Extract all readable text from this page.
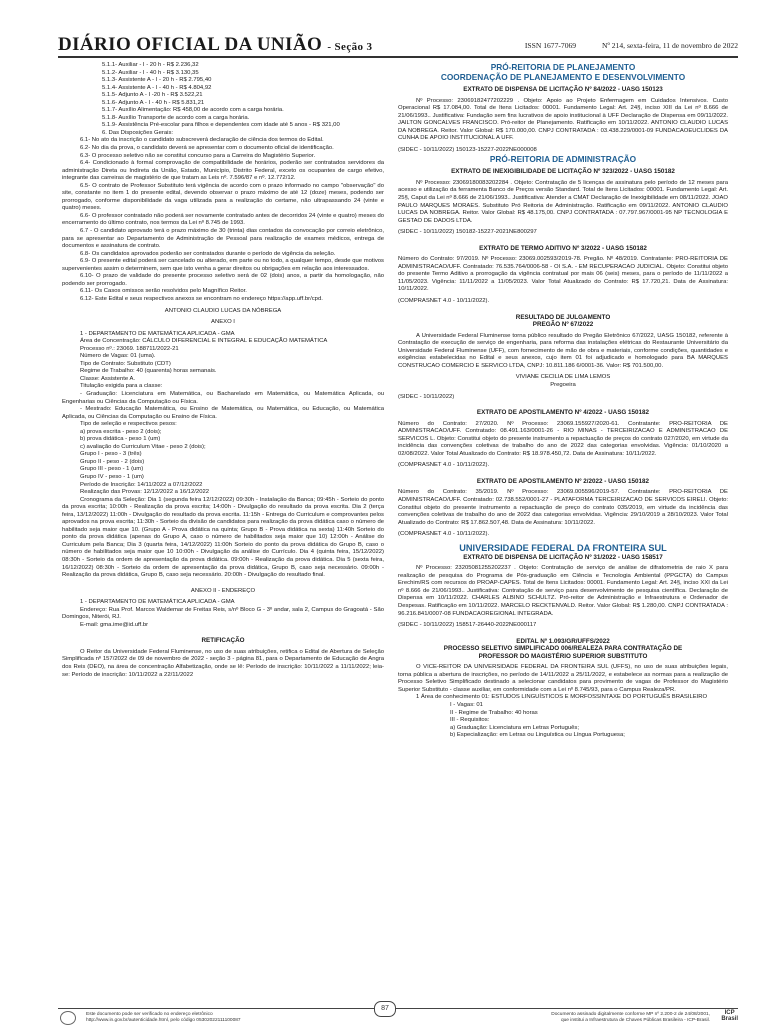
DIÁRIO OFICIAL DA UNIÃO - Seção 3	ISSN 1677-7069	Nº 214, sexta-feira, 11 de novembro de 2022

5.1.1- Auxiliar - I - 20 h - R$ 2.236,32

5.1.2- Auxiliar - I - 40 h - R$ 3.130,35

5.1.3- Assistente A - I - 20 h - R$ 2.795,40

5.1.4- Assistente A - I - 40 h - R$ 4.804,92

5.1.5- Adjunto A - I -20 h - R$ 3.522,21

5.1.6- Adjunto A - I - 40 h - R$ 5.831,21

5.1.7- Auxílio Alimentação: R$ 458,00 de acordo com a carga horária.

5.1.8- Auxílio Transporte de acordo com a carga horária.

5.1.9- Assistência Pré-escolar para filhos e dependentes com idade até 5 anos - R$ 321,00

6. Das Disposições Gerais:

6.1- No ato da inscrição o candidato subscreverá declaração de ciência dos termos do Edital.

6.2- No dia da prova, o candidato deverá se apresentar com o documento oficial de identificação.

6.3- O processo seletivo não se constitui concurso para a Carreira do Magistério Superior.

6.4- Condicionado à formal comprovação de compatibilidade de horários, poderão ser contratados servidores da administração Direta ou Indireta da União, Estado, Município, Distrito Federal, exceto os ocupantes de cargo efetivo, integrante das carreiras de magistério de que tratam as Leis nº. 7.596/87 e nº. 12.772/12.

6.5- O contrato de Professor Substituto terá vigência de acordo com o prazo informado no campo "observação" do site, constante no item 1 do presente edital, devendo observar o prazo máximo de até 12 (doze) meses, podendo ser prorrogado, conforme disponibilidade da vaga utilizada para a realização do certame, não ultrapassando 24 (vinte e quatro) meses.

6.6- O professor contratado não poderá ser novamente contratado antes de decorridos 24 (vinte e quatro) meses do encerramento do último contrato, nos termos da Lei nº 8.745 de 1993.

6.7 - O candidato aprovado terá o prazo máximo de 30 (trinta) dias contados da convocação por correio eletrônico, para se apresentar ao Departamento de Administração de Pessoal para realização de exames médicos, entrega de documentos e assinatura de contrato.

6.8- Os candidatos aprovados poderão ser contratados durante o período de vigência da seleção.

6.9- O presente edital poderá ser cancelado ou alterado, em parte ou no todo, a qualquer tempo, desde que motivos supervenientes assim o determinem, sem que isto venha a gerar direitos ou obrigações em relação aos interessados.

6.10- O prazo de validade do presente processo seletivo será de 02 (dois) anos, a partir da homologação, não podendo ser prorrogado.

6.11- Os Casos omissos serão resolvidos pelo Magnífico Reitor.

6.12- Este Edital e seus respectivos anexos se encontram no endereço https://app.uff.br/cpd.

ANTONIO CLAUDIO LUCAS DA NÓBREGA

ANEXO I

1 - DEPARTAMENTO DE MATEMÁTICA APLICADA - GMA

Área de Concentração: CÁLCULO DIFERENCIAL E INTEGRAL E EDUCAÇÃO MATEMÁTICA

Processo nº.: 23069. 188711/2022-21

Número de Vagas: 01 (uma).

Tipo de Contrato: Substituto (CDT)

Regime de Trabalho: 40 (quarenta) horas semanais.

Classe: Assistente A.

Titulação exigida para a classe:

- Graduação: Licenciatura em Matemática, ou Bacharelado em Matemática, ou Matemática Aplicada, ou Engenharias ou Ciências da Computação ou Física.

- Mestrado: Educação Matemática, ou Ensino de Matemática, ou Matemática, ou Educação, ou Matemática Aplicada, ou Ciências da Computação ou Ensino de Física.

Tipo de seleção e respectivos pesos:

a) prova escrita - peso 2 (dois);

b) prova didática - peso 1 (um)

c) avaliação do Curriculum Vitae - peso 2 (dois);

Grupo I - peso - 3 (três)

Grupo II - peso - 2 (dois)

Grupo III - peso - 1 (um)

Grupo IV - peso - 1 (um)

Período de Inscrição: 14/11/2022 a 07/12/2022

Realização das Provas: 12/12/2022 a 16/12/2022

Cronograma da Seleção: Dia 1 (segunda feira 12/12/2022) 09:30h - Instalação da Banca; 09:45h - Sorteio do ponto da prova escrita; 10:00h - Realização da prova escrita; 14:00h - Divulgação do resultado da prova escrita. Dia 2 (terça feira, 13/12/2022) 11:00h - Divulgação do resultado da prova escrita. 11:15h - Entrega do Curriculum e comprovantes pelos aprovados na prova escrita; 11:30h - Sorteio da divisão de candidatos para realização da prova didática caso o número de habilitado seja maior que 10. (Grupo A - Prova didática na quinta; Grupo B - Prova didática na sexta) 11:40h Sorteio do ponto da prova didática (apenas do Grupo A, caso o número de habilitados seja maior que 10) 12:00h - Análise do Curriculum pela Banca; Dia 3 (quarta feira, 14/12/2022) 11:00h Sorteio do ponto da prova didática do Grupo B, caso o número de habilitados seja maior que 10 10:00h - Divulgação da análise do Currículo. Dia 4 (quinta feira, 15/12/2022) 08:30h - Sorteio da ordem de apresentação da prova didática. 09:00h - Realização da prova didática. Dia 5 (sexta feira, 16/12/2022) 08:30h - Sorteio da ordem de apresentação da prova didática, Grupo B, caso seja necessário. 09:00h - Realização da prova didática, Grupo B, caso seja necessário. 20:00h - Divulgação do resultado final.

ANEXO II - ENDEREÇO

1 - DEPARTAMENTO DE MATEMÁTICA APLICADA - GMA

Endereço: Rua Prof. Marcos Waldemar de Freitas Reis, s/nº Bloco G - 3º andar, sala 2, Campus do Gragoatá - São Domingos, Niterói, RJ.

E-mail: gma.ime@id.uff.br

RETIFICAÇÃO

O Reitor da Universidade Federal Fluminense, no uso de suas atribuições, retifica o Edital de Abertura de Seleção Simplificada nº 157/2022 de 09 de novembro de 2022 - seção 3 - página 81, para o Departamento de Educação de Angra dos Reis (DEO), na área de concentração Alfabetização, onde se lê: Período de inscrição: 10/11/2022 a 11/11/2022; leia-se: Período de inscrição: 10/11/2022 a 22/11/2022

PRÓ-REITORIA DE PLANEJAMENTO

COORDENAÇÃO DE PLANEJAMENTO E DESENVOLVIMENTO

EXTRATO DE DISPENSA DE LICITAÇÃO Nº 84/2022 - UASG 150123

Nº Processo: 23069182477202229 . Objeto: Apoio ao Projeto Enfermagem em Cuidados Intensivos. Custo Operacional R$ 17.084,00. Total de Itens Licitados: 00001. Fundamento Legal: Art. 24§, inciso XIII da Lei nº 8.666 de 21/06/1993.. Justificativa: Fundação sem fins lucrativos de apoio institucional à UFF Declaração de Dispensa em 09/11/2022. JAILTON GONCALVES FRANCISCO. Pró-reitor de Planejamento. Ratificação em 10/11/2022. ANTONIO CLAUDIO LUCAS DA NOBREGA. Reitor. Valor Global: R$ 170.000,00. CNPJ CONTRATADA : 03.438.229/0001-09 FUNDACAOEUCLIDES DA CUNHA DE APOIO INSTITUCIONAL A UFF.

(SIDEC - 10/11/2022) 150123-15227-2022NE000008

PRÓ-REITORIA DE ADMINISTRAÇÃO

EXTRATO DE INEXIGIBILIDADE DE LICITAÇÃO Nº 323/2022 - UASG 150182

Nº Processo: 23069180083202284 . Objeto: Contratação de 5 licenças de assinatura pelo período de 12 meses para acesso e utilização da ferramenta Banco de Preços versão Standard. Total de Itens Licitados: 00001. Fundamento Legal: Art. 25§, Caput da Lei nº 8.666 de 21/06/1993.. Justificativa: Atender a CMAT Declaração de Inexigibilidade em 08/11/2022. JOAO PAULO MARQUES MORAES. Substituto Pró Reitoria de Administração. Ratificação em 09/11/2022. ANTONIO CLAUDIO LUCAS DA NOBREGA. Reitor. Valor Global: R$ 48.175,00. CNPJ CONTRATADA : 07.797.967/0001-95 NP TECNOLOGIA E GESTAO DE DADOS LTDA.

(SIDEC - 10/11/2022) 150182-15227-2021NE800297

EXTRATO DE TERMO ADITIVO Nº 3/2022 - UASG 150182

Número do Contrato: 97/2019. Nº Processo: 23069.002593/2019-78. Pregão. Nº 48/2019. Contratante: PRO-REITORIA DE ADMINISTRACAO/UFF. Contratado: 76.535.764/0006-58 - OI S.A. - EM RECUPERACAO JUDICIAL. Objeto: Constitui objeto do presente Termo Aditivo a prorrogação da vigência contratual por mais 06 (seis) meses, para o período de 11/11/2022 a 11/05/2023. Vigência: 11/11/2022 a 11/05/2023. Valor Total Atualizado do Contrato: R$ 17.720,21. Data de Assinatura: 10/11/2022.

(COMPRASNET 4.0 - 10/11/2022).

RESULTADO DE JULGAMENTO

PREGÃO Nº 67/2022

A Universidade Federal Fluminense torna público resultado do Pregão Eletrônico 67/2022, UASG 150182, referente à Contratação de execução de serviço de engenharia, para reforma das instalações elétricas do Restaurante Universitário da Universidade Federal Fluminense (UFF), com fornecimento de mão de obra e materiais, conforme condições, quantidades e exigências estabelecidas no Edital e seus anexos, cujo item 01 foi adjudicado e homologado para BA MARQUES CONSTRUCAO COMERCIO E SERVICO LTDA, CNPJ: 10.811.186 6/0001-36. Valor: R$ 701.500,00.

VIVIANE CECILIA DE LIMA LEMOS

Pregoeira

(SIDEC - 10/11/2022)

EXTRATO DE APOSTILAMENTO Nº 4/2022 - UASG 150182

Número do Contrato: 27/2020. Nº Processo: 23069.155927/2020-61. Contratante: PRO-REITORIA DE ADMINISTRACAO/UFF. Contratado: 08.491.163/0001-26 - RIO MINAS - TERCEIRIZACAO E ADMINISTRACAO DE SERVICOS L. Objeto: Constitui objeto do presente instrumento a repactuação de preços do contrato 027/2020, em virtude da incidência das convenções coletivas de trabalho do ano de 2022 das categorias envolvidas. Vigência: 01/10/2020 a 02/08/2022. Valor Total Atualizado do Contrato: R$ 18.978.450,72. Data de Assinatura: 10/11/2022.

(COMPRASNET 4.0 - 10/11/2022).

EXTRATO DE APOSTILAMENTO Nº 2/2022 - UASG 150182

Número do Contrato: 35/2019. Nº Processo: 23069.005596/2019-57. Contratante: PRO-REITORIA DE ADMINISTRACAO/UFF. Contratado: 02.738.552/0001-27 - PLATAFORMA TERCEIRIZACAO DE SERVICOS EIRELI. Objeto: Constitui objeto do presente instrumento a repactuação de preço do contrato 035/2019, em virtude da incidência das convenções coletivas de trabalho do ano de 2022 das categorias envolvidas. Vigência: 29/10/2019 a 28/10/2023. Valor Total Atualizado do Contrato: R$ 17.862.507,48. Data de Assinatura: 10/11/2022.

(COMPRASNET 4.0 - 10/11/2022).

UNIVERSIDADE FEDERAL DA FRONTEIRA SUL

EXTRATO DE DISPENSA DE LICITAÇÃO Nº 31/2022 - UASG 158517

Nº Processo: 23205081255202237 . Objeto: Contratação de serviço de análise de difratometria de raio X para realização de pesquisa do Programa de Pós-graduação em Ciência e Tecnologia Ambiental (PPGCTA) do Campus Erechim/RS com recursos do PROAP-CAPES. Total de Itens Licitados: 00001. Fundamento Legal: Art. 24§, inciso XXI da Lei nº 8.666 de 21/06/1993.. Justificativa: Contratação de serviço para desenvolvimento de pesquisa científica. Declaração de Dispensa em 10/11/2022. CHARLES ALBINO SCHULTZ. Pró-reitor de Administração e Infraestrutura e Ordenador de Despesas. Ratificação em 10/11/2022. MARCELO RECKTENVALD. Reitor. Valor Global: R$ 1.280,00. CNPJ CONTRATADA : 96.216.841/0007-08 FUNDACAOREGIONAL INTEGRADA.

(SIDEC - 10/11/2022) 158517-26440-2022NE000117

EDITAL Nº 1.093/GR/UFFS/2022

PROCESSO SELETIVO SIMPLIFICADO 006/REALEZA PARA CONTRATAÇÃO DE

PROFESSOR DO MAGISTÉRIO SUPERIOR SUBSTITUTO

O VICE-REITOR DA UNIVERSIDADE FEDERAL DA FRONTEIRA SUL (UFFS), no uso de suas atribuições legais, torna pública a abertura de inscrições, no período de 14/11/2022 a 25/11/2022, e estabelece as normas para a realização de Processo Seletivo Simplificado destinado a selecionar candidatos para provimento de vagas de Professor do Magistério Superior Substituto - classe auxiliar, em conformidade com a Lei nº 8.745/93, para o Campus Realeza/PR.

1 Área de conhecimento 01: ESTUDOS LINGUÍSTICOS E MORFOSSINTAXE DO PORTUGUÊS BRASILEIRO

I - Vagas: 01

II - Regime de Trabalho: 40 horas

III - Requisitos:

a) Graduação: Licenciatura em Letras Português;

b) Especialização: em Letras ou Linguística ou Língua Portuguesa;

Este documento pode ser verificado no endereço eletrônico
http://www.in.gov.br/autenticidade.html, pelo código 05302022111100087
87
Documento assinado digitalmente conforme MP nº 2.200-2 de 24/08/2001,
que institui a Infraestrutura de Chaves Públicas Brasileira - ICP-Brasil.
ICP
Brasil
